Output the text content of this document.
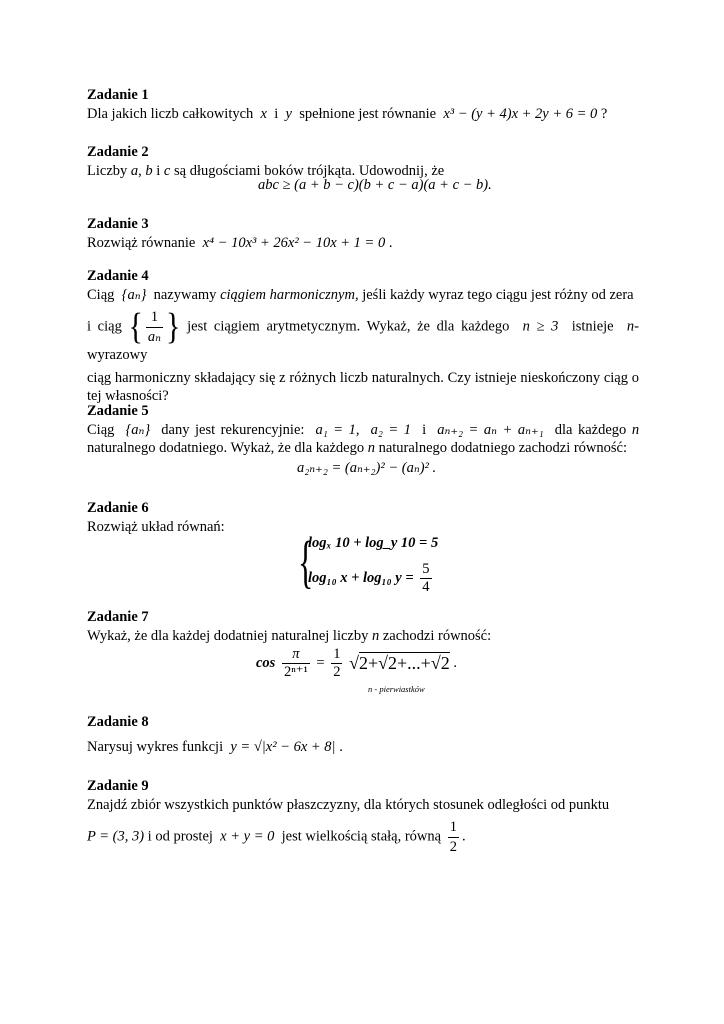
Zadanie 1
Dla jakich liczb całkowitych x i y spełnione jest równanie x³ − (y + 4)x + 2y + 6 = 0 ?
Zadanie 2
Liczby a, b i c są długościami boków trójkąta. Udowodnij, że
abc ≥ (a + b − c)(b + c − a)(a + c − b).
Zadanie 3
Rozwiąż równanie x⁴ − 10x³ + 26x² − 10x + 1 = 0 .
Zadanie 4
Ciąg {aₙ} nazywamy ciągiem harmonicznym, jeśli każdy wyraz tego ciągu jest różny od zera
i ciąg { $\frac{1}{\text{aₙ}}$ } jest ciągiem arytmetycznym. Wykaż, że dla każdego n ≥ 3 istnieje n-wyrazowy
ciąg harmoniczny składający się z różnych liczb naturalnych. Czy istnieje nieskończony ciąg o tej własności?
Zadanie 5
Ciąg {aₙ} dany jest rekurencyjnie: a₁ = 1, a₂ = 1 i aₙ₊₂ = aₙ + aₙ₊₁ dla każdego n naturalnego dodatniego. Wykaż, że dla każdego n naturalnego dodatniego zachodzi równość:
a₂ₙ₊₂ = (aₙ₊₂)² − (aₙ)² .
Zadanie 6
Rozwiąż układ równań:
{
logₓ 10 + log_y 10 = 5
log₁₀ x + log₁₀ $y = \frac{5}{4}$
Zadanie 7
Wykaż, że dla każdej dodatniej naturalnej liczby n zachodzi równość:
$\cos \frac{\pi}{\text{2ⁿ⁺¹}} = \frac{1}{2} √2+√2+...+√2$ .
n - pierwiastków
Zadanie 8
Narysuj wykres funkcji y = √|x² − 6x + 8| .
Zadanie 9
Znajdź zbiór wszystkich punktów płaszczyzny, dla których stosunek odległości od punktu
P = (3, 3) i od prostej x + y = 0 jest wielkością stałą, równą $\frac{1}{2}$ .
